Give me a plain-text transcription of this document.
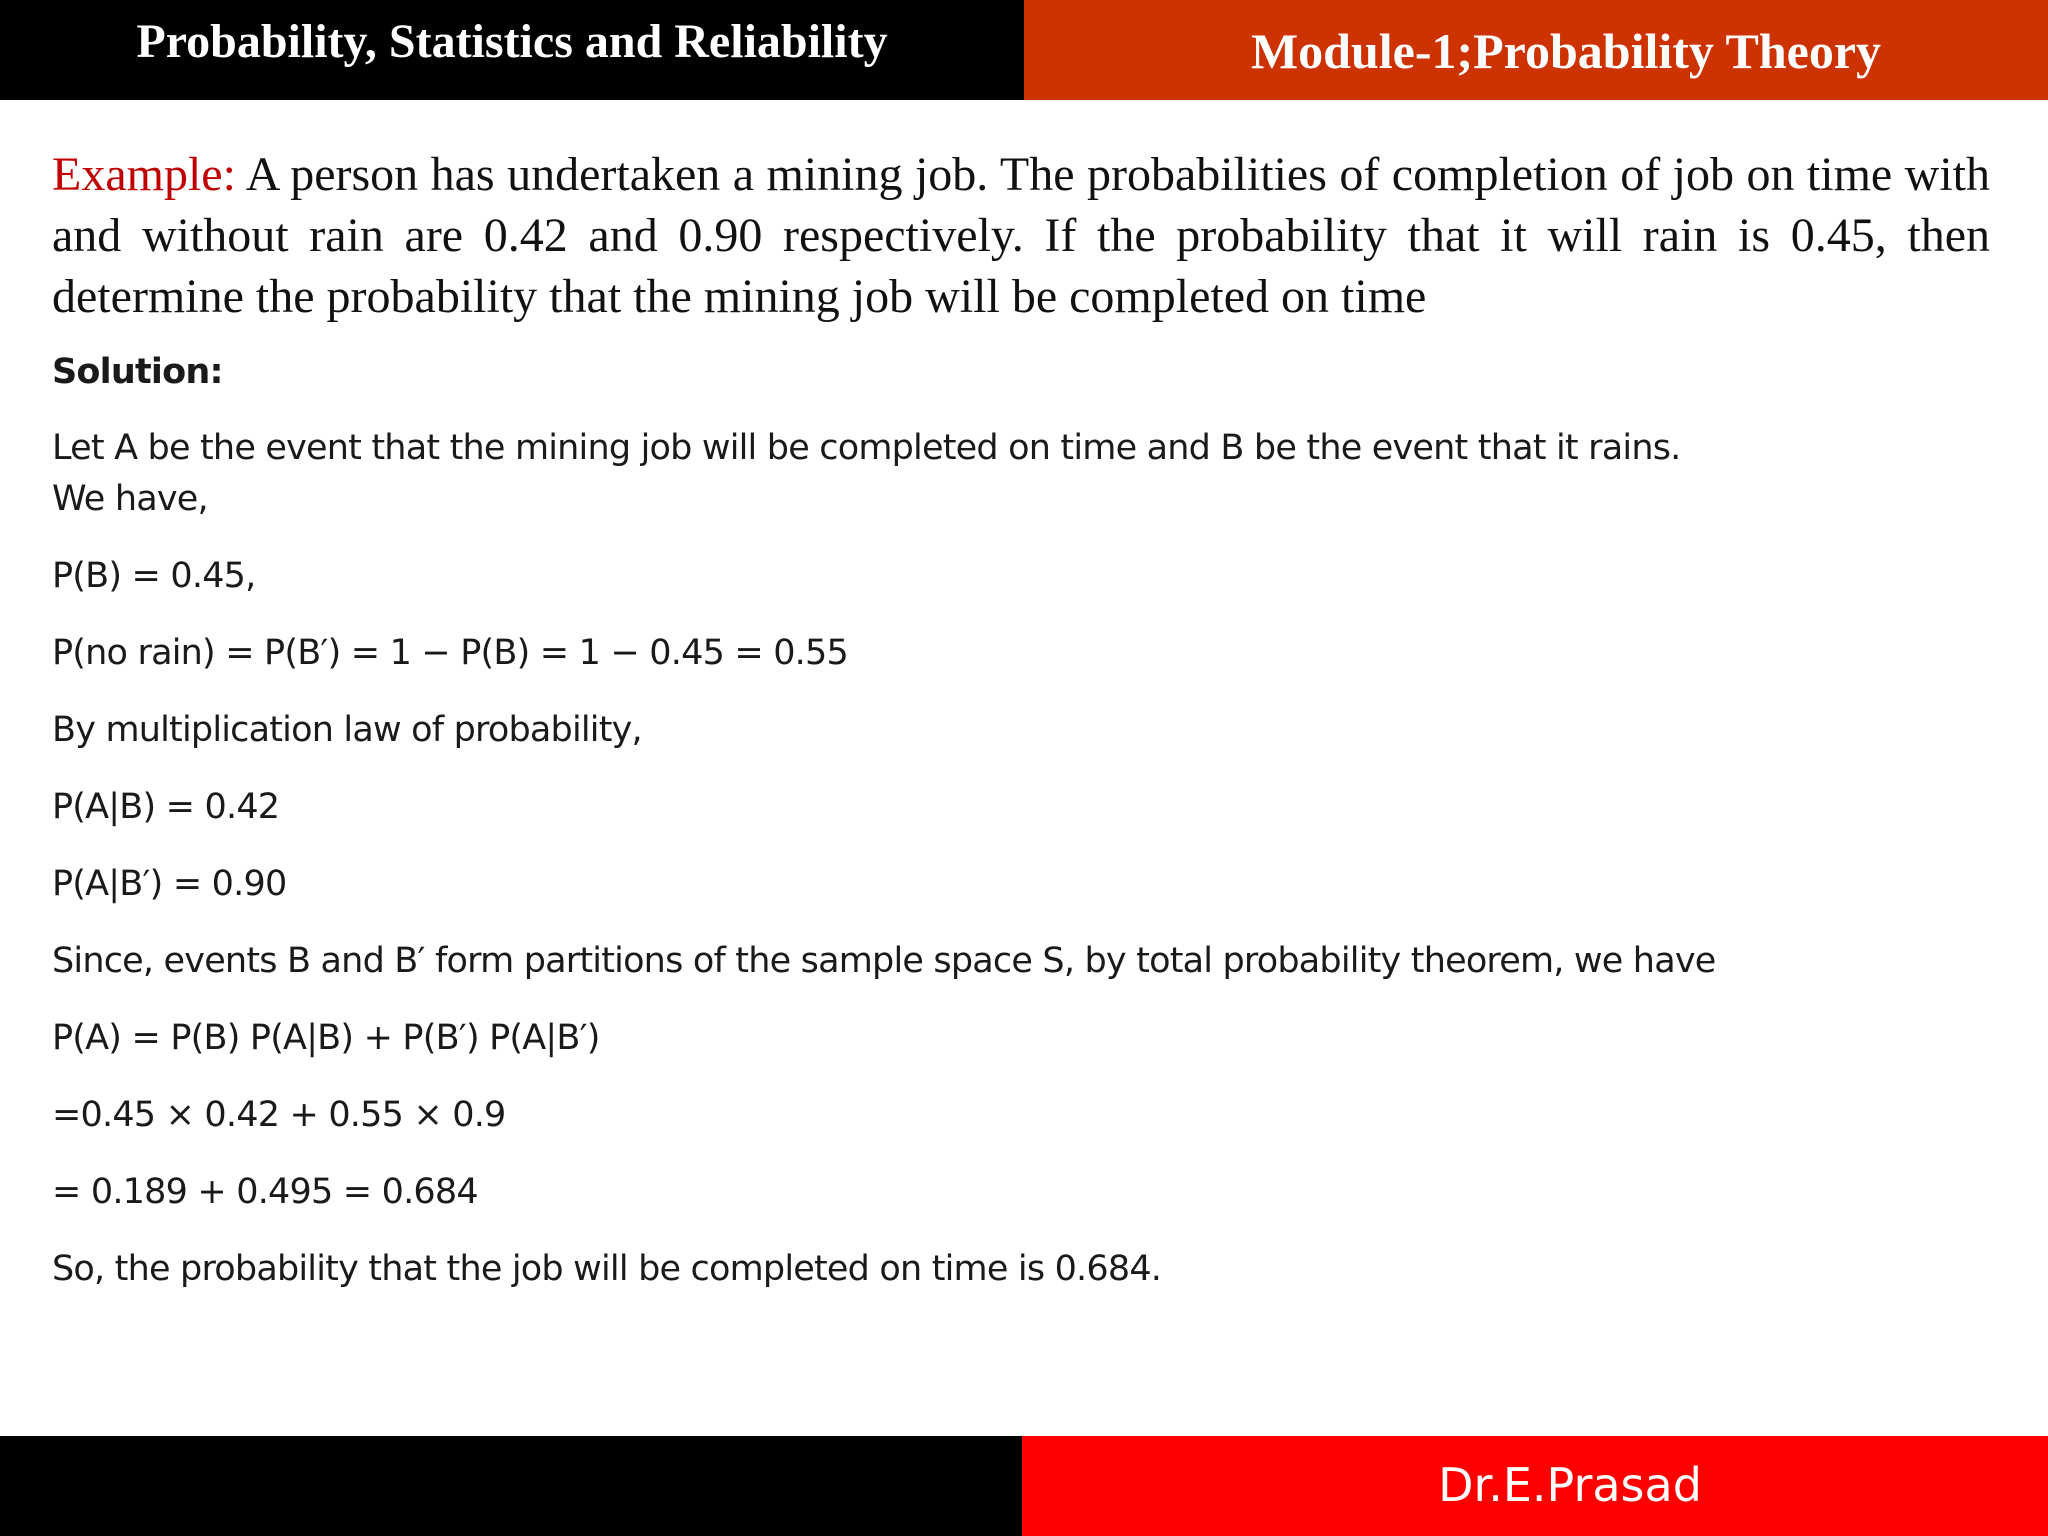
Probability, Statistics and Reliability	Module-1;Probability Theory
Example: A person has undertaken a mining job. The probabilities of completion of job on time with and without rain are 0.42 and 0.90 respectively. If the probability that it will rain is 0.45, then determine the probability that the mining job will be completed on time
Solution:
Let A be the event that the mining job will be completed on time and B be the event that it rains.
We have,
P(B) = 0.45,
P(no rain) = P(B′) = 1 − P(B) = 1 − 0.45 = 0.55
By multiplication law of probability,
P(A|B) = 0.42
P(A|B′) = 0.90
Since, events B and B′ form partitions of the sample space S, by total probability theorem, we have
P(A) = P(B) P(A|B) + P(B′) P(A|B′)
=0.45 × 0.42 + 0.55 × 0.9
= 0.189 + 0.495 = 0.684
So, the probability that the job will be completed on time is 0.684.
Dr.E.Prasad
